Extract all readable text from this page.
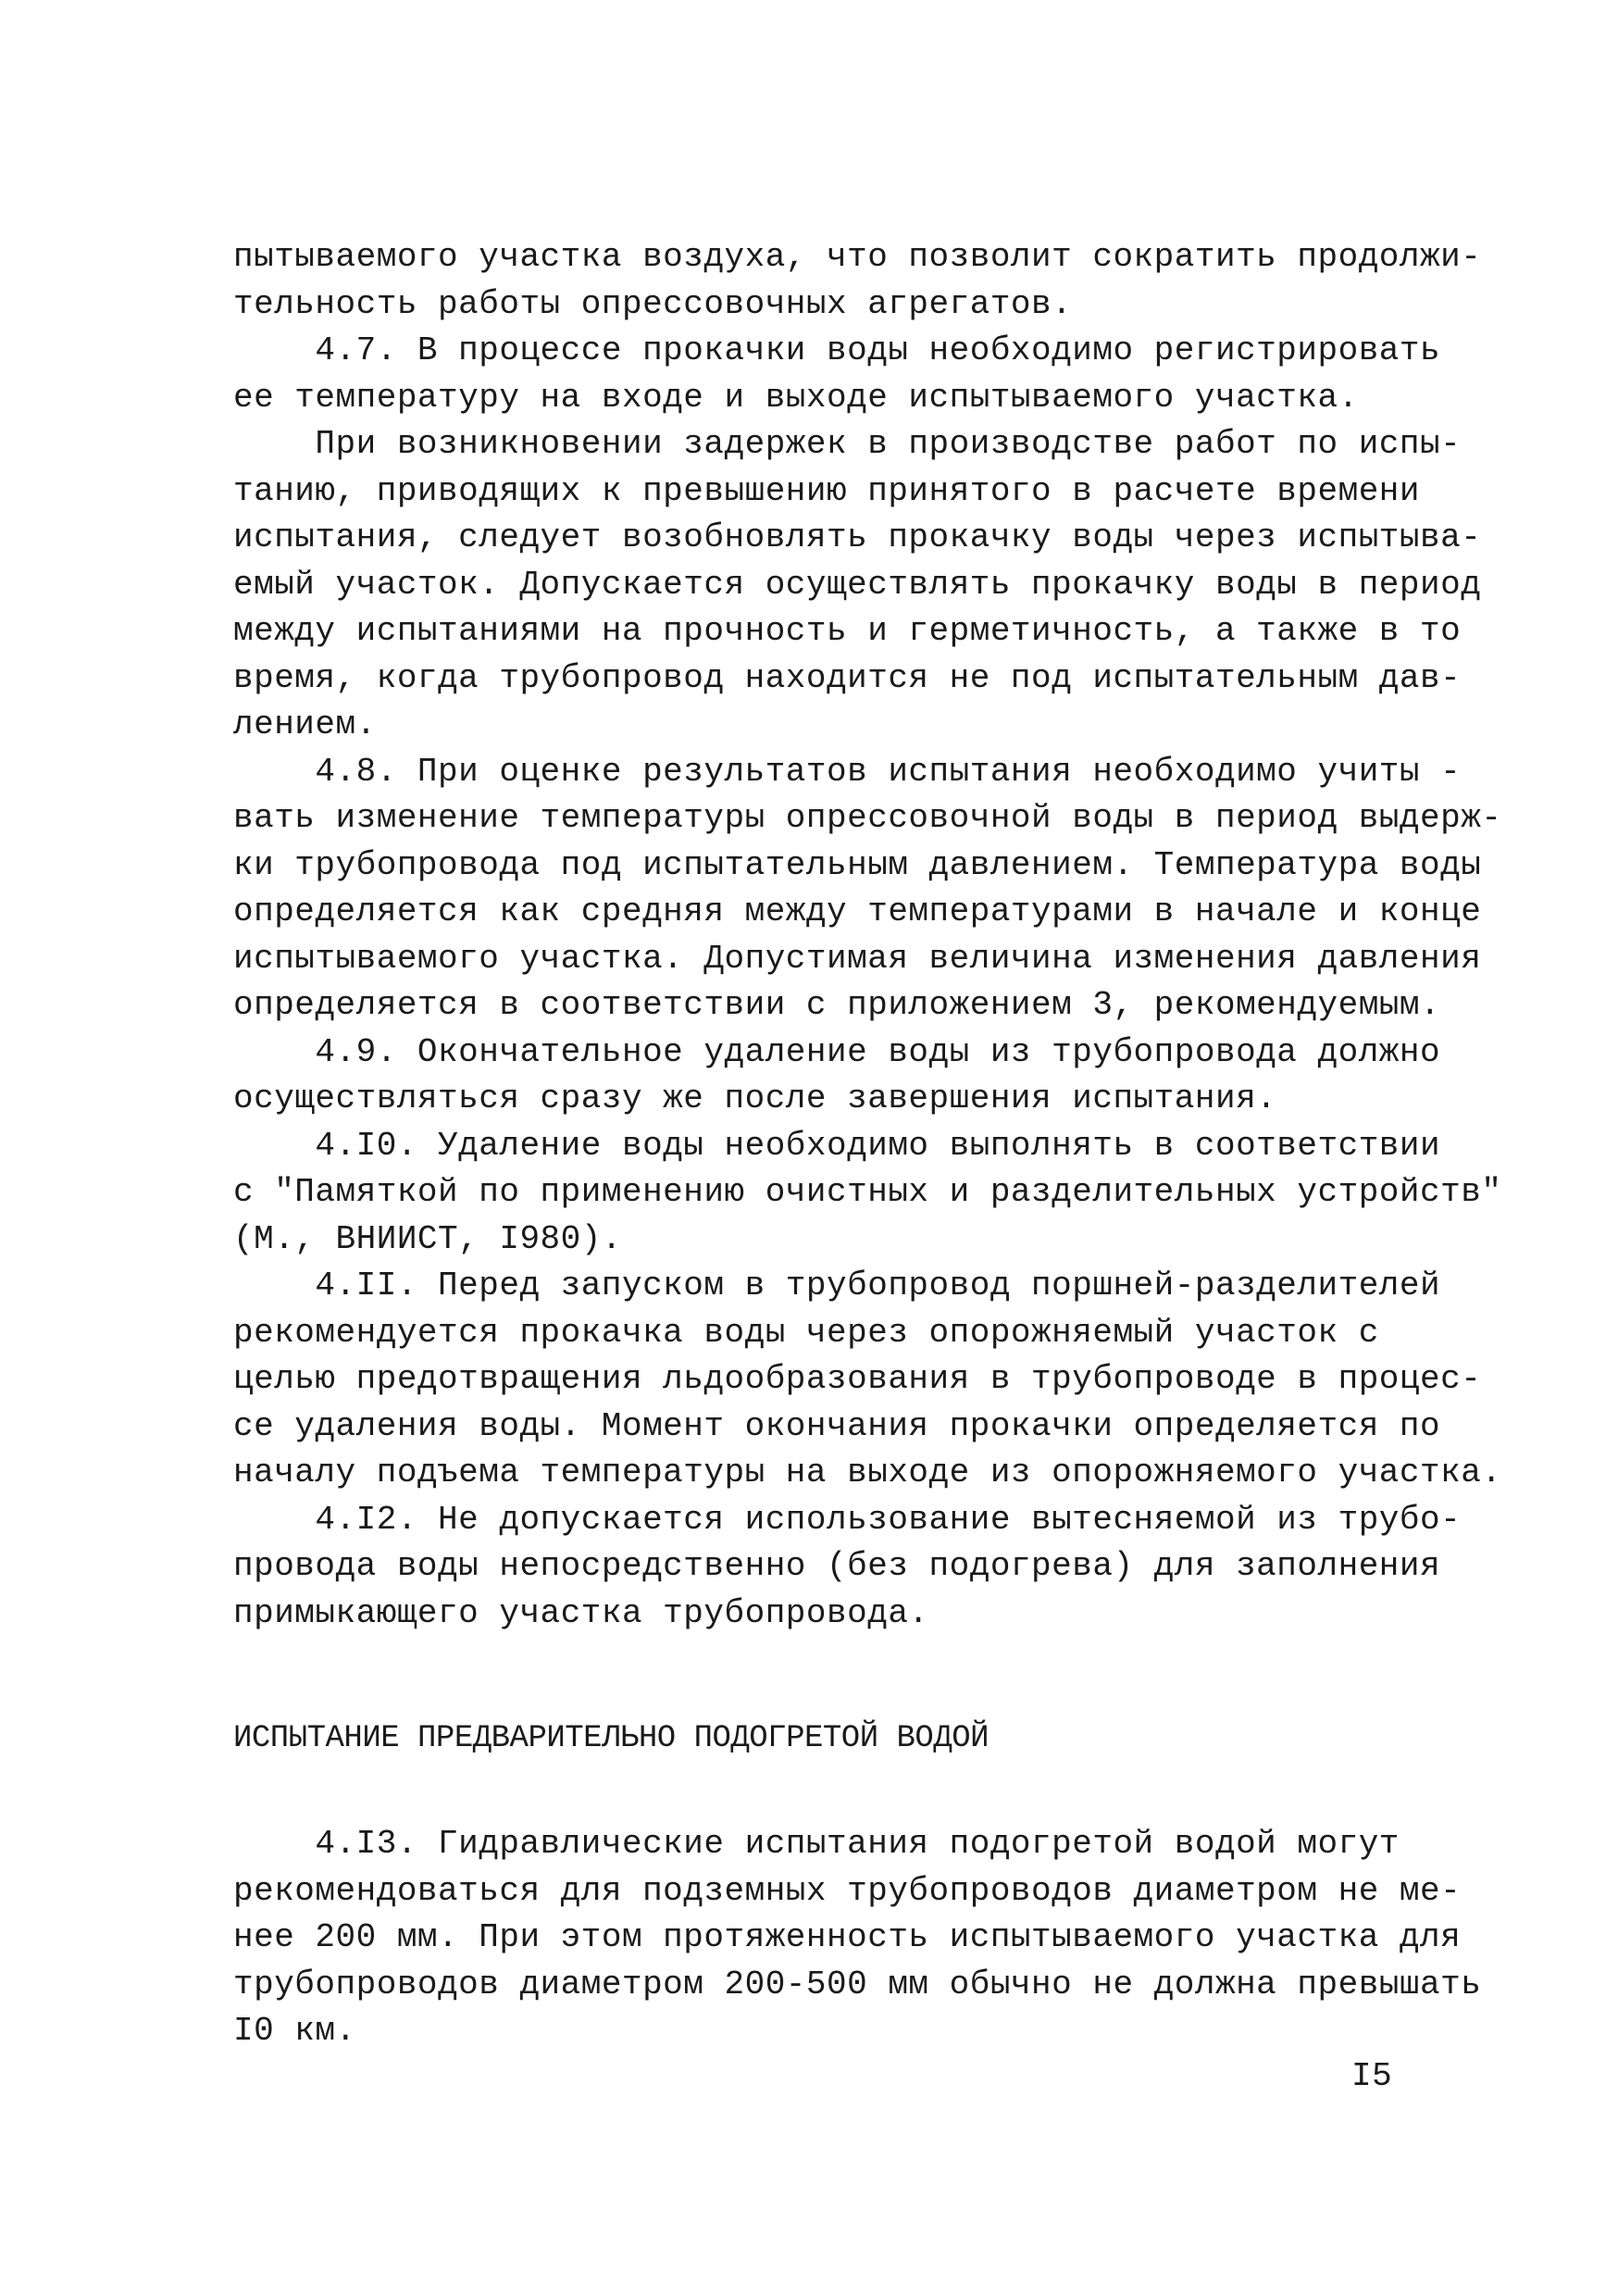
пытываемого участка воздуха, что позволит сократить продолжи-
тельность работы опрессовочных агрегатов.
4.7. В процессе прокачки воды необходимо регистрировать
ее температуру на входе и выходе испытываемого участка.
При возникновении задержек в производстве работ по испы-
танию, приводящих к превышению принятого в расчете времени
испытания, следует возобновлять прокачку воды через испытыва-
емый участок. Допускается осуществлять прокачку воды в период
между испытаниями на прочность и герметичность, а также в то
время, когда трубопровод находится не под испытательным дав-
лением.
4.8. При оценке результатов испытания необходимо учиты -
вать изменение температуры опрессовочной воды в период выдерж-
ки трубопровода под испытательным давлением. Температура воды
определяется как средняя между температурами в начале и конце
испытываемого участка. Допустимая величина изменения давления
определяется в соответствии с приложением 3, рекомендуемым.
4.9. Окончательное удаление воды из трубопровода должно
осуществляться сразу же после завершения испытания.
4.I0. Удаление воды необходимо выполнять в соответствии
с "Памяткой по применению очистных и разделительных устройств"
(М., ВНИИСТ, I980).
4.II. Перед запуском в трубопровод поршней-разделителей
рекомендуется прокачка воды через опорожняемый участок с
целью предотвращения льдообразования в трубопроводе в процес-
се удаления воды. Момент окончания прокачки определяется по
началу подъема температуры на выходе из опорожняемого участка.
4.I2. Не допускается использование вытесняемой из трубо-
провода воды непосредственно (без подогрева) для заполнения
примыкающего участка трубопровода.
ИСПЫТАНИЕ ПРЕДВАРИТЕЛЬНО ПОДОГРЕТОЙ ВОДОЙ
4.I3. Гидравлические испытания подогретой водой могут
рекомендоваться для подземных трубопроводов диаметром не ме-
нее 200 мм. При этом протяженность испытываемого участка для
трубопроводов диаметром 200-500 мм обычно не должна превышать
I0 км.
I5
